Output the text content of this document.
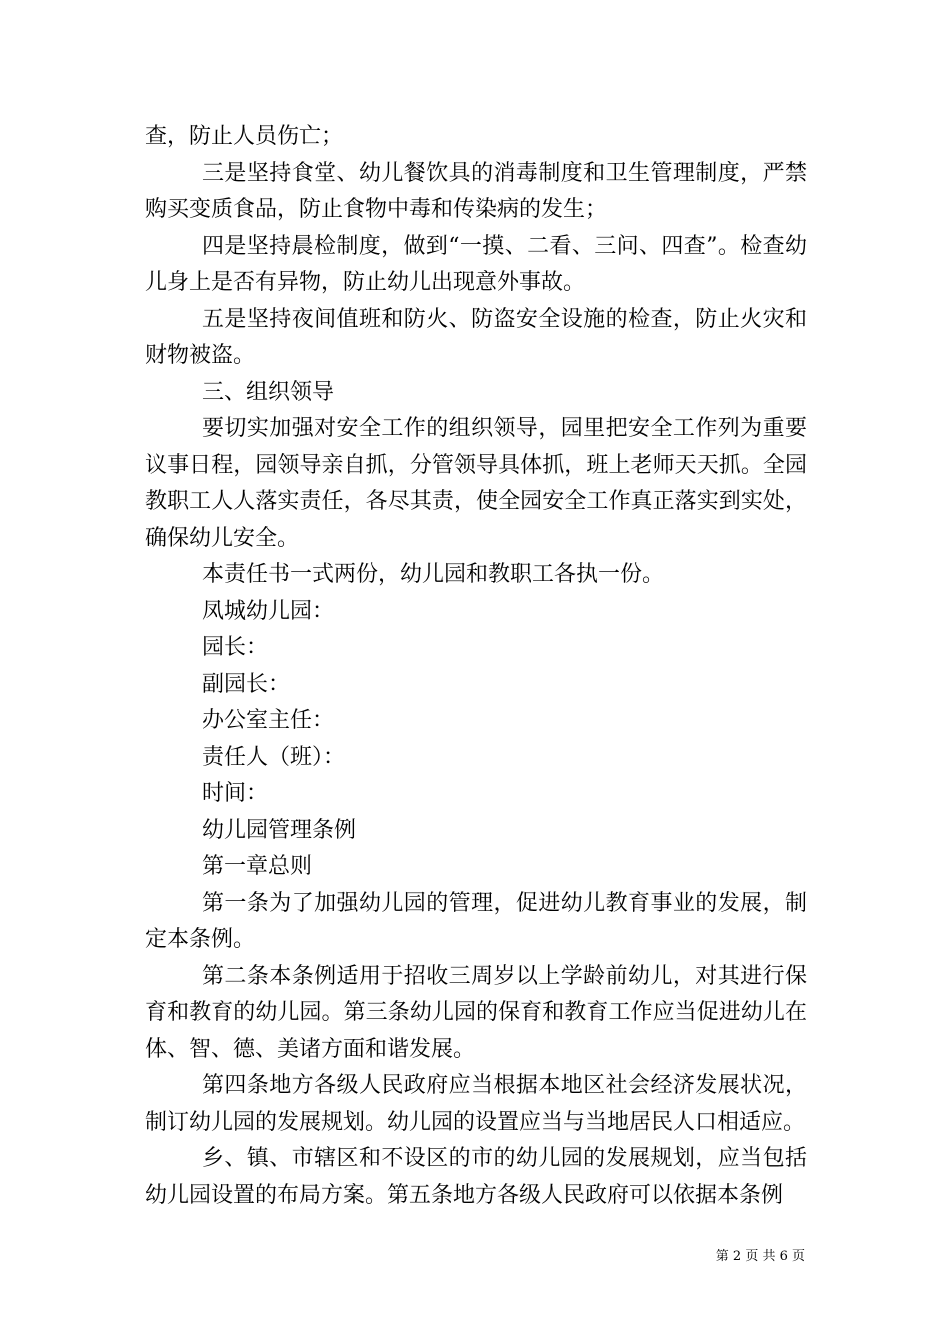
查，防止人员伤亡；

三是坚持食堂、幼儿餐饮具的消毒制度和卫生管理制度，严禁购买变质食品，防止食物中毒和传染病的发生；

四是坚持晨检制度，做到“一摸、二看、三问、四查”。检查幼儿身上是否有异物，防止幼儿出现意外事故。

五是坚持夜间值班和防火、防盗安全设施的检查，防止火灾和财物被盗。

三、组织领导

要切实加强对安全工作的组织领导，园里把安全工作列为重要议事日程，园领导亲自抓，分管领导具体抓，班上老师天天抓。全园教职工人人落实责任，各尽其责，使全园安全工作真正落实到实处，确保幼儿安全。

本责任书一式两份，幼儿园和教职工各执一份。

凤城幼儿园：

园长：

副园长：

办公室主任：

责任人（班）：

时间：

幼儿园管理条例

第一章总则

第一条为了加强幼儿园的管理，促进幼儿教育事业的发展，制定本条例。

第二条本条例适用于招收三周岁以上学龄前幼儿，对其进行保育和教育的幼儿园。第三条幼儿园的保育和教育工作应当促进幼儿在体、智、德、美诸方面和谐发展。

第四条地方各级人民政府应当根据本地区社会经济发展状况，制订幼儿园的发展规划。幼儿园的设置应当与当地居民人口相适应。

乡、镇、市辖区和不设区的市的幼儿园的发展规划，应当包括幼儿园设置的布局方案。第五条地方各级人民政府可以依据本条例

第 2 页 共 6 页
